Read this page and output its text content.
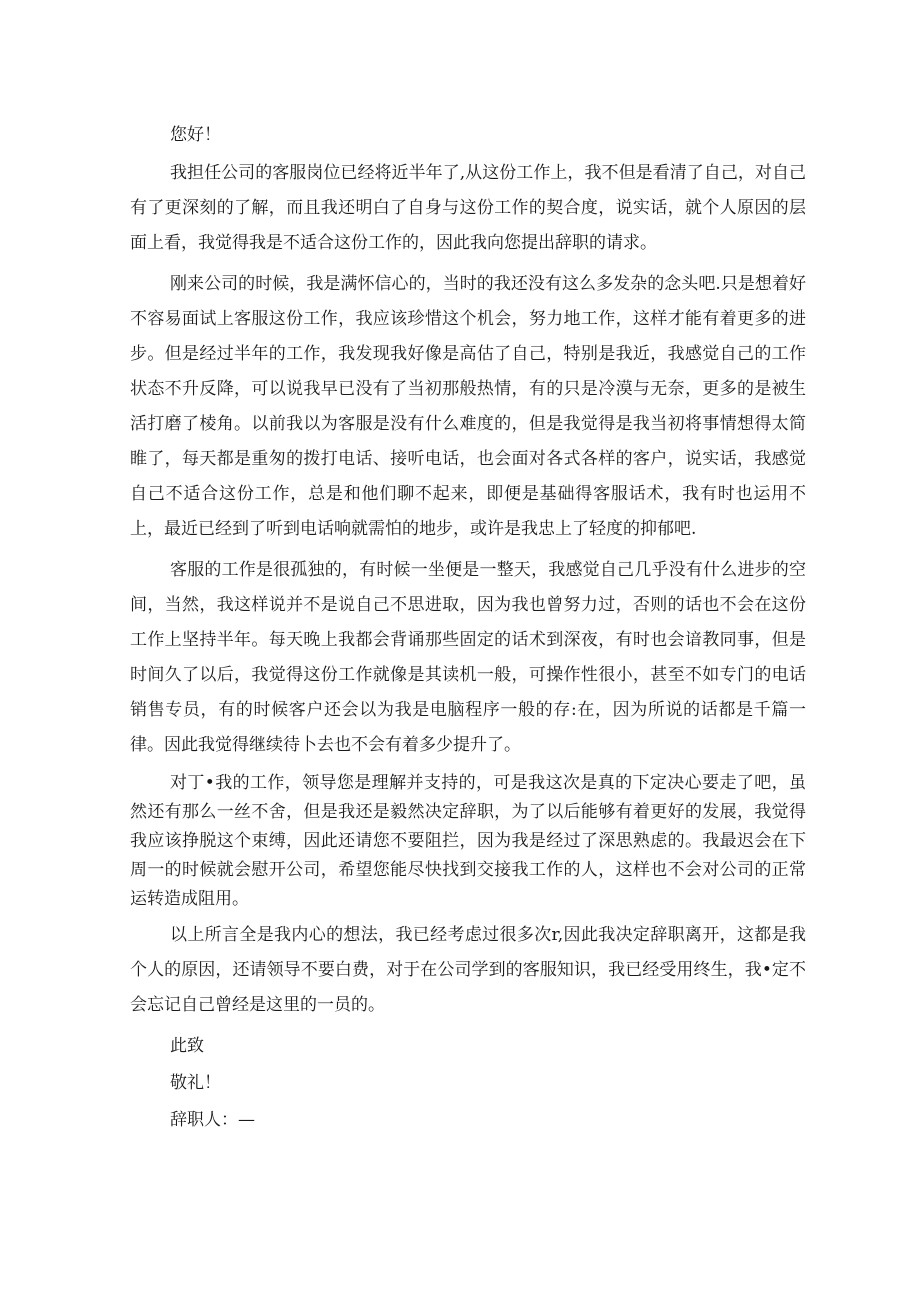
您好！

我担任公司的客服岗位已经将近半年了,从这份工作上，我不但是看清了自己，对自己有了更深刻的了解，而且我还明白了自身与这份工作的契合度，说实话，就个人原因的层面上看，我觉得我是不适合这份工作的，因此我向您提出辞职的请求。

刚来公司的时候，我是满怀信心的，当时的我还没有这么多发杂的念头吧.只是想着好不容易面试上客服这份工作，我应该珍惜这个机会，努力地工作，这样才能有着更多的进步。但是经过半年的工作，我发现我好像是高估了自己，特别是我近，我感觉自己的工作状态不升反降，可以说我早已没有了当初那般热情，有的只是冷漠与无奈，更多的是被生活打磨了棱角。以前我以为客服是没有什么难度的，但是我觉得是我当初将事情想得太简睢了，每天都是重匆的拨打电话、接听电话，也会面对各式各样的客户，说实话，我感觉自己不适合这份工作，总是和他们聊不起来，即便是基础得客服话术，我有时也运用不上，最近已经到了听到电话响就需怕的地步，或许是我忠上了轻度的抑郁吧.

客服的工作是很孤独的，有时候一坐便是一整天，我感觉自己几乎没有什么进步的空间，当然，我这样说并不是说自己不思进取，因为我也曾努力过，否则的话也不会在这份工作上坚持半年。每天晚上我都会背诵那些固定的话术到深夜，有时也会谙教同事，但是时间久了以后，我觉得这份工作就像是其读机一般，可操作性很小，甚至不如专门的电话销售专员，有的时候客户还会以为我是电脑程序一般的存:在，因为所说的话都是千篇一律。因此我觉得继续待卜去也不会有着多少提升了。

对丁•我的工作，领导您是理解并支持的，可是我这次是真的下定决心要走了吧，虽然还有那么一丝不舍，但是我还是毅然决定辞职，为了以后能够有着更好的发展，我觉得我应该挣脱这个束缚，因此还请您不要阻拦，因为我是经过了深思熟虑的。我最迟会在下周一的时候就会慰开公司，希望您能尽快找到交接我工作的人，这样也不会对公司的正常运转造成阻用。

以上所言全是我内心的想法，我已经考虑过很多次r,因此我决定辞职离开，这都是我个人的原因，还请领导不要白费，对于在公司学到的客服知识，我已经受用终生，我•定不会忘记自己曾经是这里的一员的。

此致
敬礼！
辞职人：—
